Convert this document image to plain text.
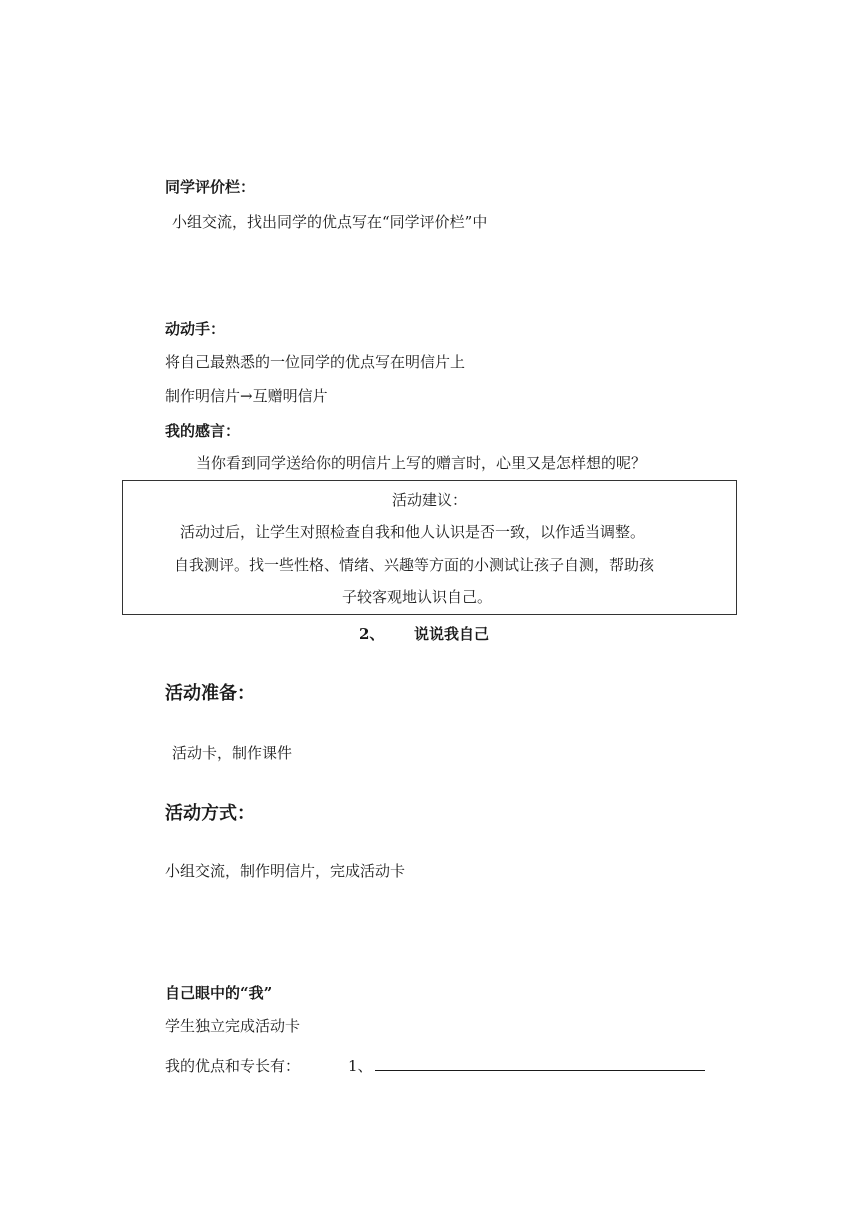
同学评价栏：
小组交流，找出同学的优点写在“同学评价栏”中
动动手：
将自己最熟悉的一位同学的优点写在明信片上
制作明信片→互赠明信片
我的感言：
当你看到同学送给你的明信片上写的赠言时，心里又是怎样想的呢？
活动建议：
活动过后，让学生对照检查自我和他人认识是否一致，以作适当调整。
自我测评。找一些性格、情绪、兴趣等方面的小测试让孩子自测，帮助孩
子较客观地认识自己。
2、 说说我自己
活动准备：
活动卡，制作课件
活动方式：
小组交流，制作明信片，完成活动卡
自己眼中的“我”
学生独立完成活动卡
我的优点和专长有：	1、
